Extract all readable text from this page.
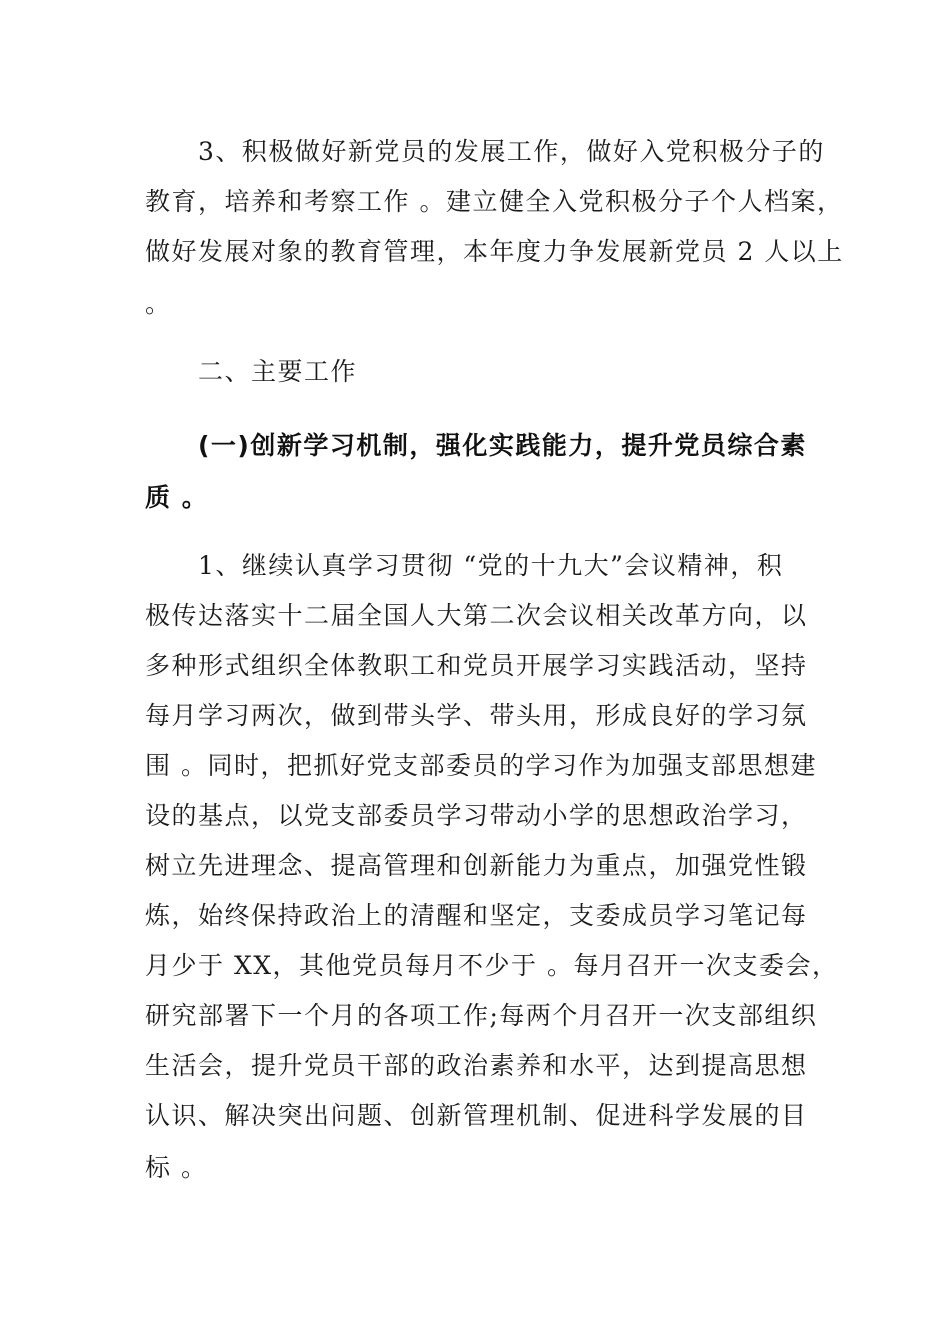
3、积极做好新党员的发展工作，做好入党积极分子的
教育，培养和考察工作 。建立健全入党积极分子个人档案，
做好发展对象的教育管理，本年度力争发展新党员 2 人以上
。
二、主要工作
(一)创新学习机制，强化实践能力，提升党员综合素
质 。
1、继续认真学习贯彻 “党的十九大”会议精神，积
极传达落实十二届全国人大第二次会议相关改革方向，以
多种形式组织全体教职工和党员开展学习实践活动，坚持
每月学习两次，做到带头学、带头用，形成良好的学习氛
围 。同时，把抓好党支部委员的学习作为加强支部思想建
设的基点，以党支部委员学习带动小学的思想政治学习，
树立先进理念、提高管理和创新能力为重点，加强党性锻
炼，始终保持政治上的清醒和坚定，支委成员学习笔记每
月少于 XX，其他党员每月不少于 。每月召开一次支委会，
研究部署下一个月的各项工作;每两个月召开一次支部组织
生活会，提升党员干部的政治素养和水平，达到提高思想
认识、解决突出问题、创新管理机制、促进科学发展的目
标 。
